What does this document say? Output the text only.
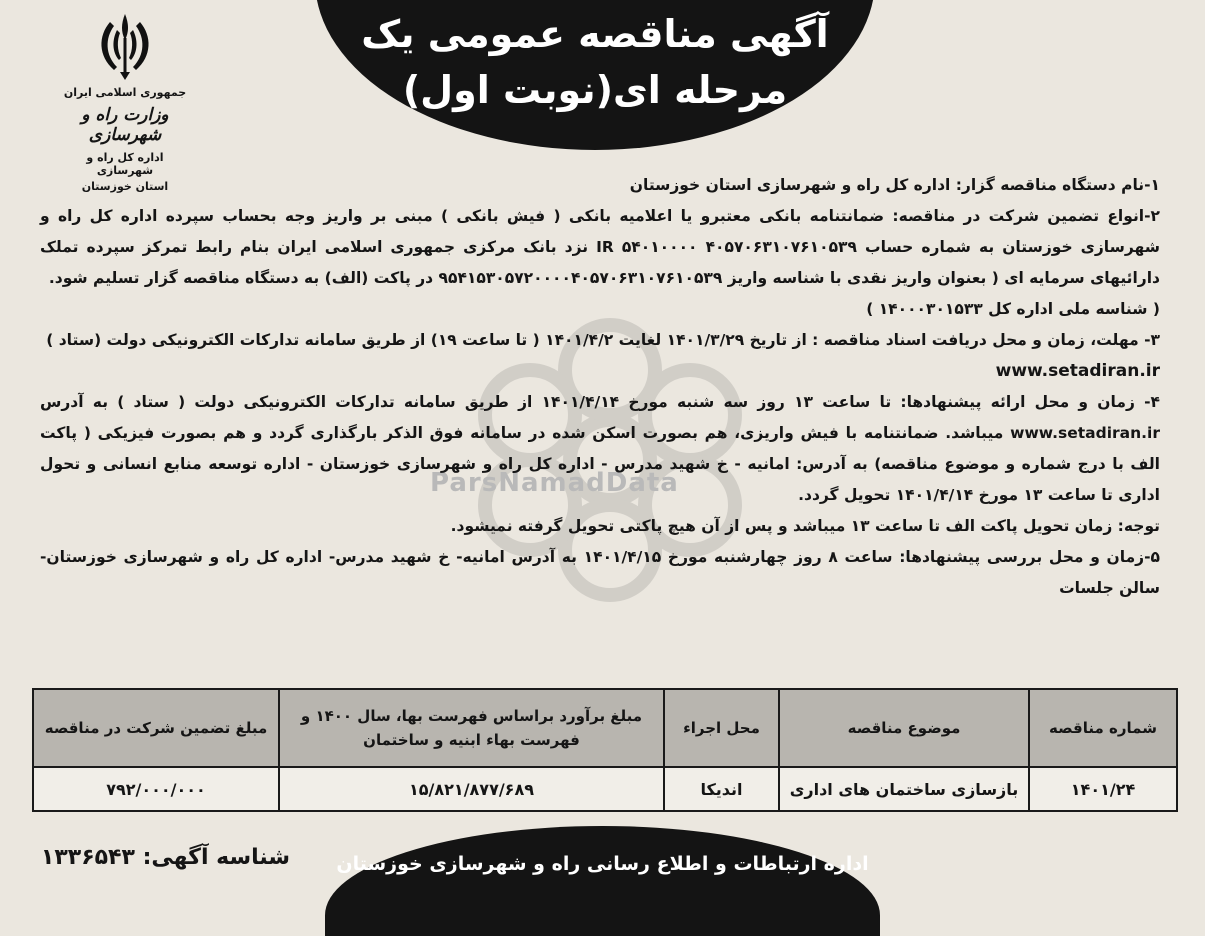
آگهی مناقصه عمومی یک
مرحله ای(نوبت اول)
جمهوری اسلامی ایران
وزارت راه و شهرسازی
اداره کل راه و شهرسازی
استان خوزستان
ParsNamadData

۱-نام دستگاه مناقصه گزار: اداره کل راه و شهرسازی استان خوزستان

۲-انواع تضمین شرکت در مناقصه: ضمانتنامه بانکی معتبرو یا اعلامیه بانکی ( فیش بانکی ) مبنی بر واریز وجه بحساب سپرده اداره کل راه و شهرسازی خوزستان به شماره حساب ۴۰۵۷۰۶۳۱۰۷۶۱۰۵۳۹ IR ۵۴۰۱۰۰۰۰ نزد بانک مرکزی جمهوری اسلامی ایران بنام رابط تمرکز سپرده تملک دارائیهای سرمایه ای ( بعنوان واریز نقدی با شناسه واریز ۹۵۴۱۵۳۰۵۷۲۰۰۰۰۴۰۵۷۰۶۳۱۰۷۶۱۰۵۳۹ در پاکت (الف) به دستگاه مناقصه گزار تسلیم شود.

( شناسه ملی اداره کل ۱۴۰۰۰۳۰۱۵۳۳ )

۳- مهلت، زمان و محل دریافت اسناد مناقصه : از تاریخ ۱۴۰۱/۳/۲۹ لغایت ۱۴۰۱/۴/۲ ( تا ساعت ۱۹) از طریق سامانه تدارکات الکترونیکی دولت (ستاد )

www.setadiran.ir

۴- زمان و محل ارائه پیشنهادها: تا ساعت ۱۳ روز سه شنبه مورخ ۱۴۰۱/۴/۱۴ از طریق سامانه تدارکات الکترونیکی دولت ( ستاد ) به آدرس www.setadiran.ir میباشد. ضمانتنامه با فیش واریزی، هم بصورت اسکن شده در سامانه فوق الذکر بارگذاری گردد و هم بصورت فیزیکی ( پاکت الف با درج شماره و موضوع مناقصه) به آدرس: امانیه - خ شهید مدرس - اداره کل راه و شهرسازی خوزستان - اداره توسعه منابع انسانی و تحول اداری تا ساعت ۱۳ مورخ ۱۴۰۱/۴/۱۴ تحویل گردد.

توجه: زمان تحویل پاکت الف تا ساعت ۱۳ میباشد و پس از آن هیچ پاکتی تحویل گرفته نمیشود.

۵-زمان و محل بررسی پیشنهادها: ساعت ۸ روز چهارشنبه مورخ ۱۴۰۱/۴/۱۵ به آدرس امانیه- خ شهید مدرس- اداره کل راه و شهرسازی خوزستان- سالن جلسات

شماره مناقصه	موضوع مناقصه	محل اجراء	مبلغ برآورد براساس فهرست بها، سال ۱۴۰۰ و فهرست بهاء ابنیه و ساختمان	مبلغ تضمین شرکت در مناقصه
۱۴۰۱/۲۴	بازسازی ساختمان های اداری	اندیکا	۱۵/۸۲۱/۸۷۷/۶۸۹	۷۹۲/۰۰۰/۰۰۰
اداره ارتباطات و اطلاع رسانی راه و شهرسازی خوزستان
شناسه آگهی: ۱۳۳۶۵۴۳
